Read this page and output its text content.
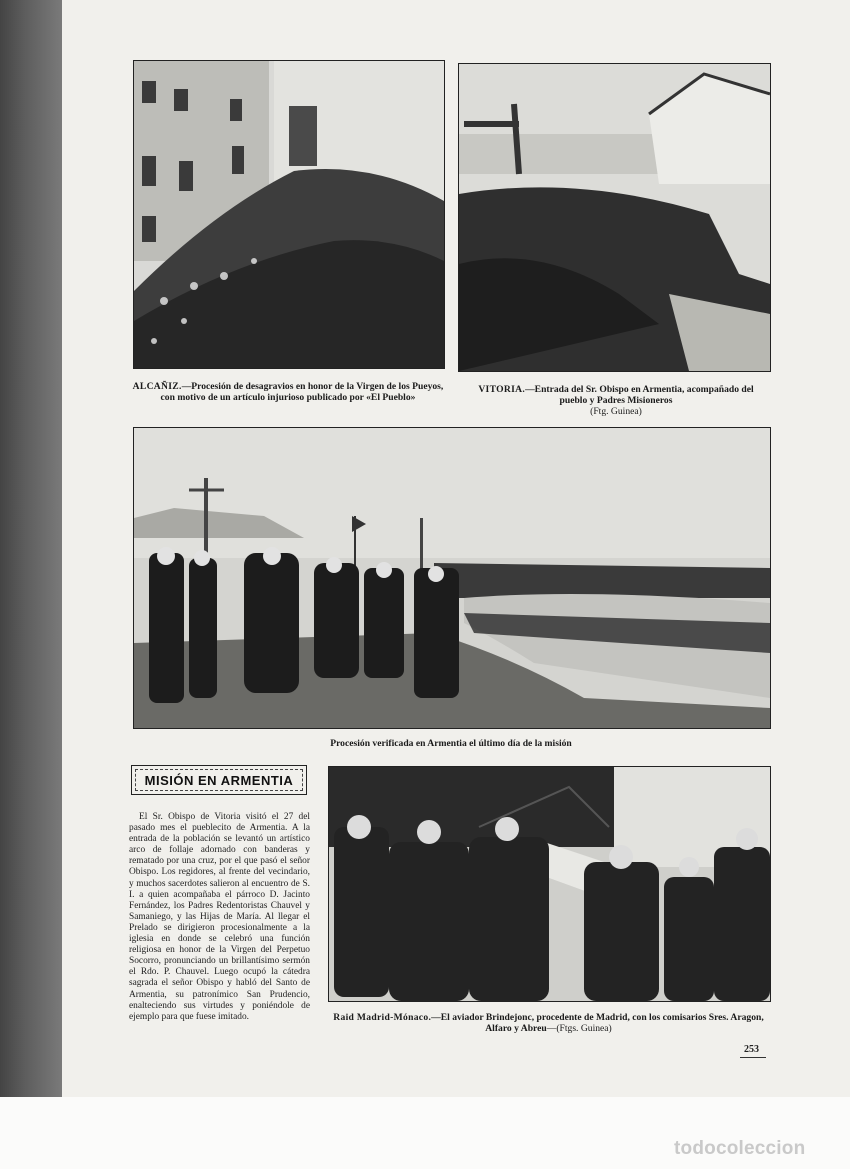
ALCAÑIZ.—Procesión de desagravios en honor de la Virgen de los Pueyos, con motivo de un artículo injurioso publicado por «El Pueblo»
VITORIA.—Entrada del Sr. Obispo en Armentia, acompañado del pueblo y Padres Misioneros
(Ftg. Guinea)
Procesión verificada en Armentia el último día de la misión
MISIÓN EN ARMENTIA
El Sr. Obispo de Vitoria visitó el 27 del pasado mes el pueblecito de Armentia. A la entrada de la población se levantó un artístico arco de follaje adornado con banderas y rematado por una cruz, por el que pasó el señor Obispo. Los regidores, al frente del vecindario, y muchos sacerdotes salieron al encuentro de S. I. a quien acompañaba el párroco D. Jacinto Fernández, los Padres Redentoristas Chauvel y Samaniego, y las Hijas de María. Al llegar el Prelado se dirigieron procesionalmente a la iglesia en donde se celebró una función religiosa en honor de la Virgen del Perpetuo Socorro, pronunciando un brillantísimo sermón el Rdo. P. Chauvel. Luego ocupó la cátedra sagrada el señor Obispo y habló del Santo de Armentia, su patronímico San Prudencio, enalteciendo sus virtudes y poniéndole de ejemplo para que fuese imitado.	Raid Madrid-Mónaco.—El aviador Brindejonc, procedente de Madrid, con los comisarios Sres. Aragon, Alfaro y Abreu—(Ftgs. Guinea)
253
todocoleccion
